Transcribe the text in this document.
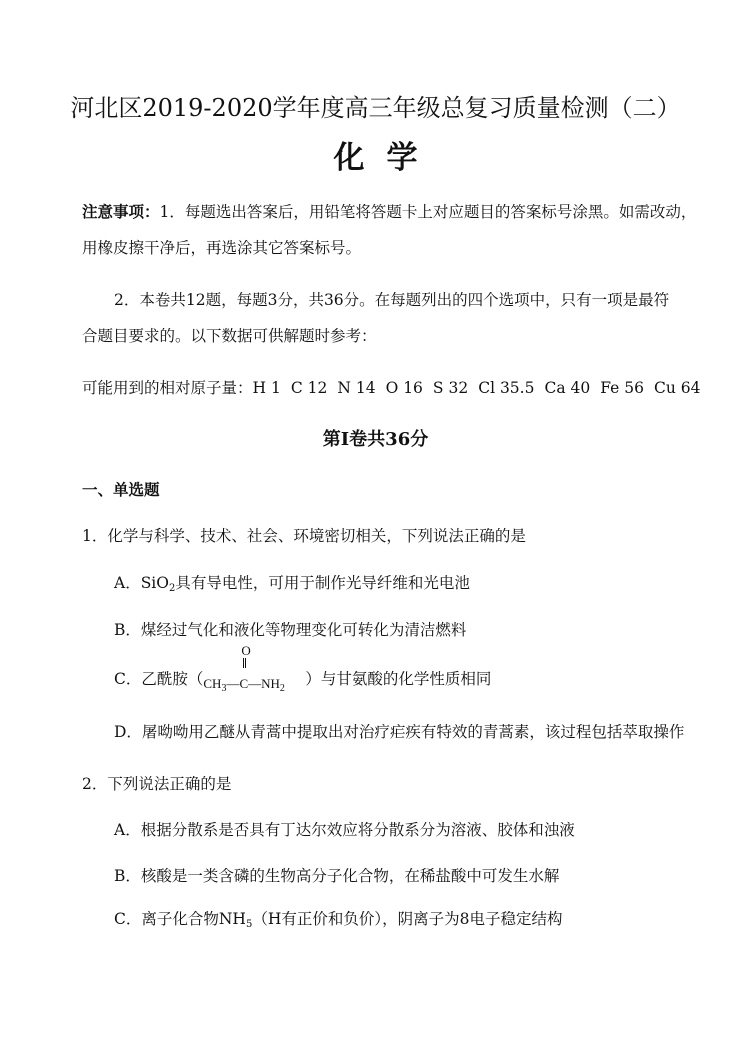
河北区2019-2020学年度高三年级总复习质量检测（二）
化学
注意事项：1．每题选出答案后，用铅笔将答题卡上对应题目的答案标号涂黑。如需改动，
用橡皮擦干净后，再选涂其它答案标号。
2．本卷共12题，每题3分，共36分。在每题列出的四个选项中，只有一项是最符
合题目要求的。以下数据可供解题时参考：
可能用到的相对原子量：H 1 C 12 N 14 O 16 S 32 Cl 35.5 Ca 40 Fe 56 Cu 64
第Ⅰ卷共36分
一、单选题
1．化学与科学、技术、社会、环境密切相关，下列说法正确的是
A．SiO$_2$具有导电性，可用于制作光导纤维和光电池
B．煤经过气化和液化等物理变化可转化为清洁燃料
C．乙酰胺（
O
$CH_3—C—NH_2$
）与甘氨酸的化学性质相同
D．屠呦呦用乙醚从青蒿中提取出对治疗疟疾有特效的青蒿素，该过程包括萃取操作
2．下列说法正确的是
A．根据分散系是否具有丁达尔效应将分散系分为溶液、胶体和浊液
B．核酸是一类含磷的生物高分子化合物，在稀盐酸中可发生水解
C．离子化合物$NH_5(H$有正价和负价），阴离子为8电子稳定结构
